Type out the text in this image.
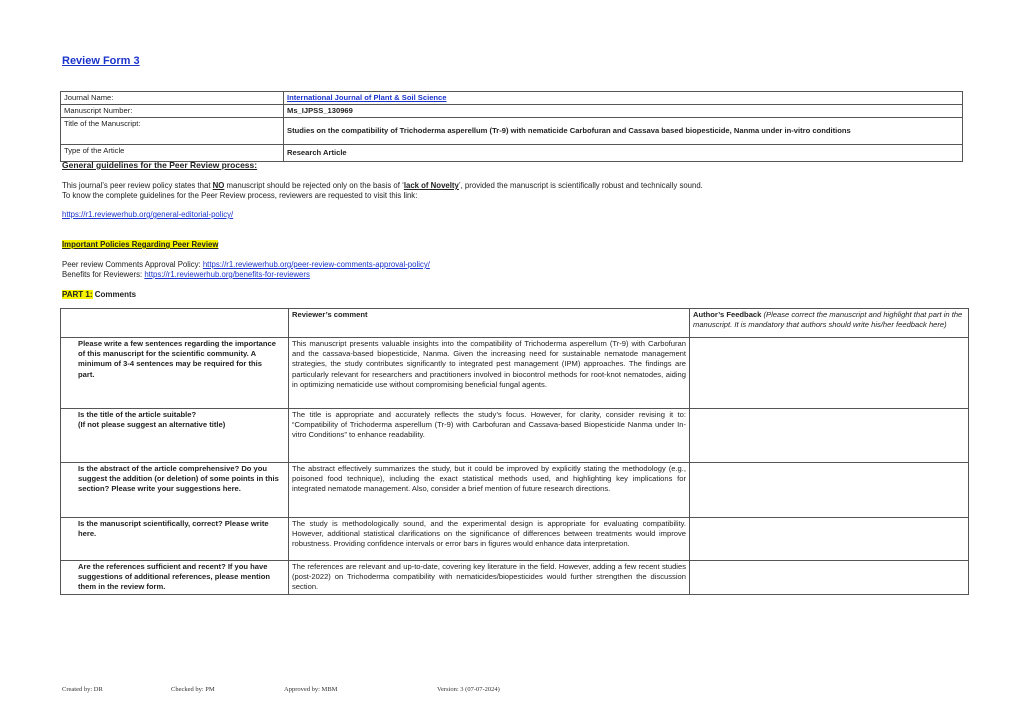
Review Form 3
Journal Name:	International Journal of Plant & Soil Science
Manuscript Number:	Ms_IJPSS_130969
Title of the Manuscript:	Studies on the compatibility of Trichoderma asperellum (Tr-9) with nematicide Carbofuran and Cassava based biopesticide, Nanma under in-vitro conditions
Type of the Article	Research Article
General guidelines for the Peer Review process:
This journal’s peer review policy states that NO manuscript should be rejected only on the basis of ‘lack of Novelty’, provided the manuscript is scientifically robust and technically sound.
To know the complete guidelines for the Peer Review process, reviewers are requested to visit this link:
https://r1.reviewerhub.org/general-editorial-policy/
Important Policies Regarding Peer Review
Peer review Comments Approval Policy: https://r1.reviewerhub.org/peer-review-comments-approval-policy/
Benefits for Reviewers: https://r1.reviewerhub.org/benefits-for-reviewers
PART 1: Comments
	Reviewer’s comment	Author’s Feedback (Please correct the manuscript and highlight that part in the manuscript. It is mandatory that authors should write his/her feedback here)
Please write a few sentences regarding the importance of this manuscript for the scientific community. A minimum of 3-4 sentences may be required for this part.	This manuscript presents valuable insights into the compatibility of Trichoderma asperellum (Tr-9) with Carbofuran and the cassava-based biopesticide, Nanma. Given the increasing need for sustainable nematode management strategies, the study contributes significantly to integrated pest management (IPM) approaches. The findings are particularly relevant for researchers and practitioners involved in biocontrol methods for root-knot nematodes, aiding in optimizing nematicide use without compromising beneficial fungal agents.	
Is the title of the article suitable?
(If not please suggest an alternative title)	The title is appropriate and accurately reflects the study’s focus. However, for clarity, consider revising it to: “Compatibility of Trichoderma asperellum (Tr-9) with Carbofuran and Cassava-based Biopesticide Nanma under In-vitro Conditions” to enhance readability.	
Is the abstract of the article comprehensive? Do you suggest the addition (or deletion) of some points in this section? Please write your suggestions here.	The abstract effectively summarizes the study, but it could be improved by explicitly stating the methodology (e.g., poisoned food technique), including the exact statistical methods used, and highlighting key implications for integrated nematode management. Also, consider a brief mention of future research directions.	
Is the manuscript scientifically, correct? Please write here.	The study is methodologically sound, and the experimental design is appropriate for evaluating compatibility. However, additional statistical clarifications on the significance of differences between treatments would improve robustness. Providing confidence intervals or error bars in figures would enhance data interpretation.	
Are the references sufficient and recent? If you have suggestions of additional references, please mention them in the review form.	The references are relevant and up-to-date, covering key literature in the field. However, adding a few recent studies (post-2022) on Trichoderma compatibility with nematicides/biopesticides would further strengthen the discussion section.	
Created by: DR	Checked by: PM	Approved by: MBM	Version: 3 (07-07-2024)
